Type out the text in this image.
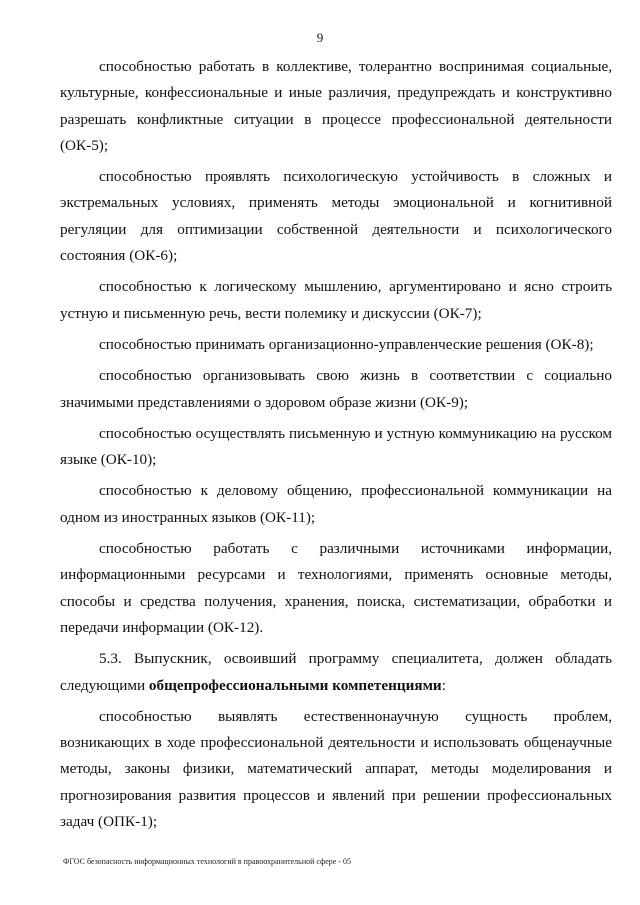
9

способностью работать в коллективе, толерантно воспринимая социальные, культурные, конфессиональные и иные различия, предупреждать и конструктивно разрешать конфликтные ситуации в процессе профессиональной деятельности (ОК-5);

способностью проявлять психологическую устойчивость в сложных и экстремальных условиях, применять методы эмоциональной и когнитивной регуляции для оптимизации собственной деятельности и психологического состояния (ОК-6);

способностью к логическому мышлению, аргументировано и ясно строить устную и письменную речь, вести полемику и дискуссии (ОК-7);

способностью принимать организационно-управленческие решения (ОК-8);

способностью организовывать свою жизнь в соответствии с социально значимыми представлениями о здоровом образе жизни (ОК-9);

способностью осуществлять письменную и устную коммуникацию на русском языке (ОК-10);

способностью к деловому общению, профессиональной коммуникации на одном из иностранных языков (ОК-11);

способностью работать с различными источниками информации, информационными ресурсами и технологиями, применять основные методы, способы и средства получения, хранения, поиска, систематизации, обработки и передачи информации (ОК-12).

5.3. Выпускник, освоивший программу специалитета, должен обладать следующими общепрофессиональными компетенциями:

способностью выявлять естественнонаучную сущность проблем, возникающих в ходе профессиональной деятельности и использовать общенаучные методы, законы физики, математический аппарат, методы моделирования и прогнозирования развития процессов и явлений при решении профессиональных задач (ОПК-1);

ФГОС безопасность информационных технологий в правоохранительной сфере - 05
